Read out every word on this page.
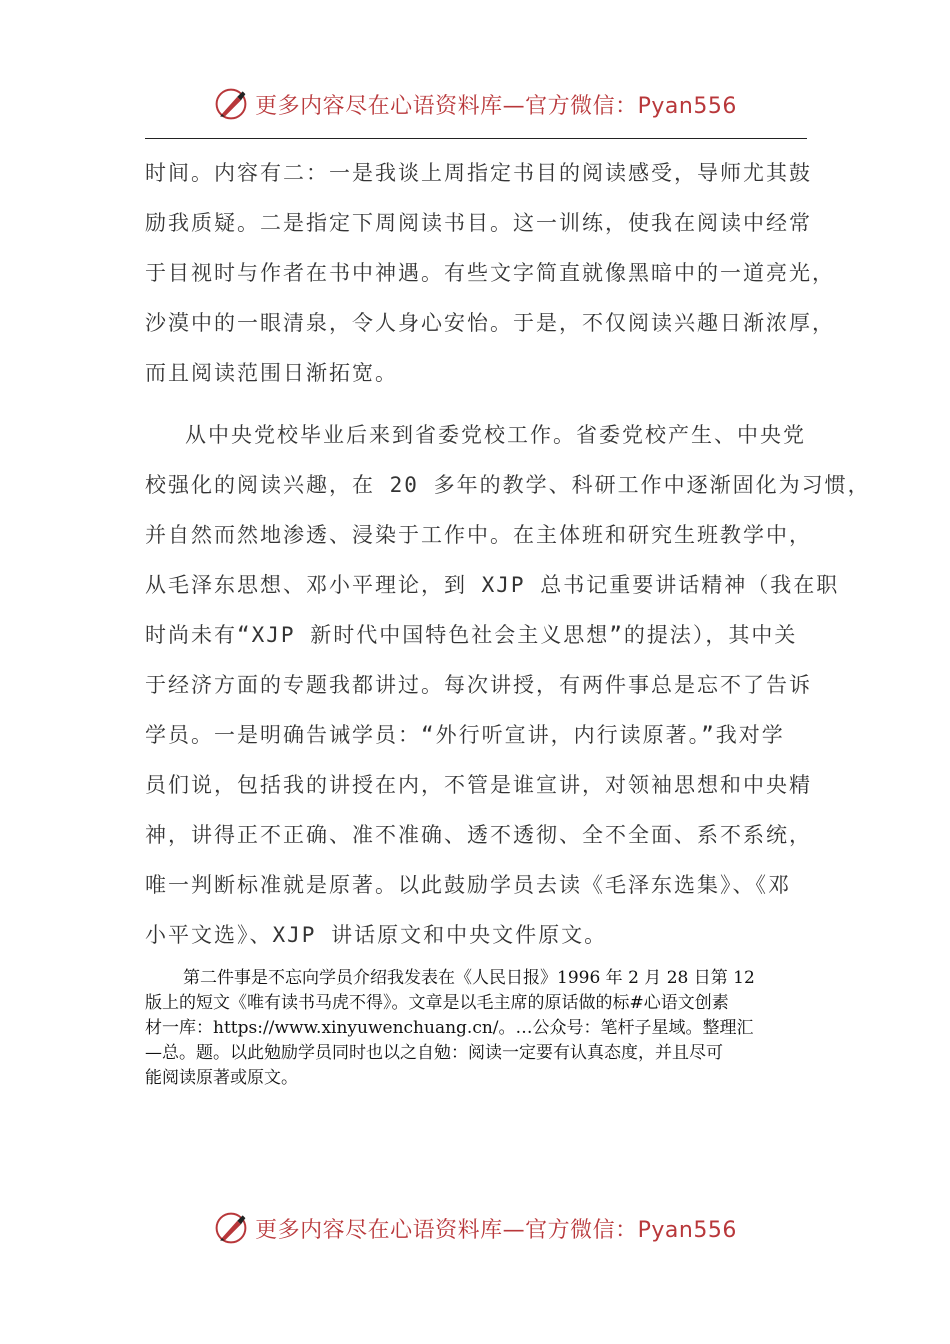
更多内容尽在心语资料库—官方微信：Pyan556
时间。内容有二：一是我谈上周指定书目的阅读感受，导师尤其鼓
励我质疑。二是指定下周阅读书目。这一训练，使我在阅读中经常
于目视时与作者在书中神遇。有些文字简直就像黑暗中的一道亮光，
沙漠中的一眼清泉，令人身心安怡。于是，不仅阅读兴趣日渐浓厚，
而且阅读范围日渐拓宽。
从中央党校毕业后来到省委党校工作。省委党校产生、中央党
校强化的阅读兴趣，在 20 多年的教学、科研工作中逐渐固化为习惯，
并自然而然地渗透、浸染于工作中。在主体班和研究生班教学中，
从毛泽东思想、邓小平理论，到 XJP 总书记重要讲话精神（我在职
时尚未有“XJP 新时代中国特色社会主义思想”的提法），其中关
于经济方面的专题我都讲过。每次讲授，有两件事总是忘不了告诉
学员。一是明确告诫学员：“外行听宣讲，内行读原著。”我对学
员们说，包括我的讲授在内，不管是谁宣讲，对领袖思想和中央精
神，讲得正不正确、准不准确、透不透彻、全不全面、系不系统，
唯一判断标准就是原著。以此鼓励学员去读《毛泽东选集》、《邓
小平文选》、XJP 讲话原文和中央文件原文。
第二件事是不忘向学员介绍我发表在《人民日报》1996 年 2 月 28 日第 12
版上的短文《唯有读书马虎不得》。文章是以毛主席的原话做的标#心语文创素
材一库：https://www.xinyuwenchuang.cn/。…公众号：笔杆子星域。整理汇
—总。题。以此勉励学员同时也以之自勉：阅读一定要有认真态度，并且尽可
能阅读原著或原文。
更多内容尽在心语资料库—官方微信：Pyan556
